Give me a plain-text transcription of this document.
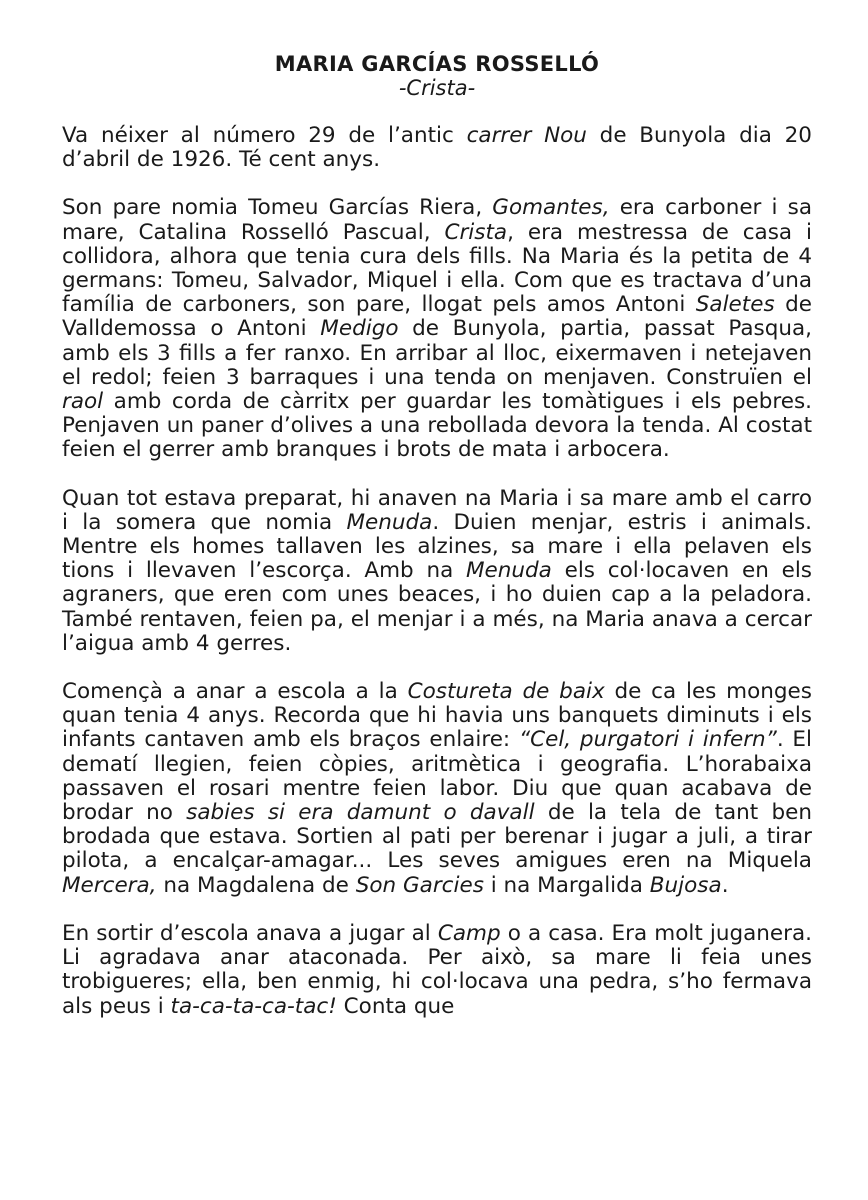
MARIA GARCÍAS ROSSELLÓ

-Crista-

Va néixer al número 29 de l’antic carrer Nou de Bunyola dia 20 d’abril de 1926. Té cent anys.

Son pare nomia Tomeu Garcías Riera, Gomantes, era carboner i sa mare, Catalina Rosselló Pascual, Crista, era mestressa de casa i collidora, alhora que tenia cura dels fills. Na Maria és la petita de 4 germans: Tomeu, Salvador, Miquel i ella. Com que es tractava d’una família de carboners, son pare, llogat pels amos Antoni Saletes de Valldemossa o Antoni Medigo de Bunyola, partia, passat Pasqua, amb els 3 fills a fer ranxo. En arribar al lloc, eixermaven i netejaven el redol; feien 3 barraques i una tenda on menjaven. Construïen el raol amb corda de càrritx per guardar les tomàtigues i els pebres. Penjaven un paner d’olives a una rebollada devora la tenda. Al costat feien el gerrer amb branques i brots de mata i arbocera.

Quan tot estava preparat, hi anaven na Maria i sa mare amb el carro i la somera que nomia Menuda. Duien menjar, estris i animals. Mentre els homes tallaven les alzines, sa mare i ella pelaven els tions i llevaven l’escorça. Amb na Menuda els col·locaven en els agraners, que eren com unes beaces, i ho duien cap a la peladora. També rentaven, feien pa, el menjar i a més, na Maria anava a cercar l’aigua amb 4 gerres.

Començà a anar a escola a la Costureta de baix de ca les monges quan tenia 4 anys. Recorda que hi havia uns banquets diminuts i els infants cantaven amb els braços enlaire: “Cel, purgatori i infern”. El dematí llegien, feien còpies, aritmètica i geografia. L’horabaixa passaven el rosari mentre feien labor. Diu que quan acabava de brodar no sabies si era damunt o davall de la tela de tant ben brodada que estava. Sortien al pati per berenar i jugar a juli, a tirar pilota, a encalçar-amagar... Les seves amigues eren na Miquela Mercera, na Magdalena de Son Garcies i na Margalida Bujosa.

En sortir d’escola anava a jugar al Camp o a casa. Era molt juganera. Li agradava anar ataconada. Per això, sa mare li feia unes trobigueres; ella, ben enmig, hi col·locava una pedra, s’ho fermava als peus i ta-ca-ta-ca-tac! Conta que
